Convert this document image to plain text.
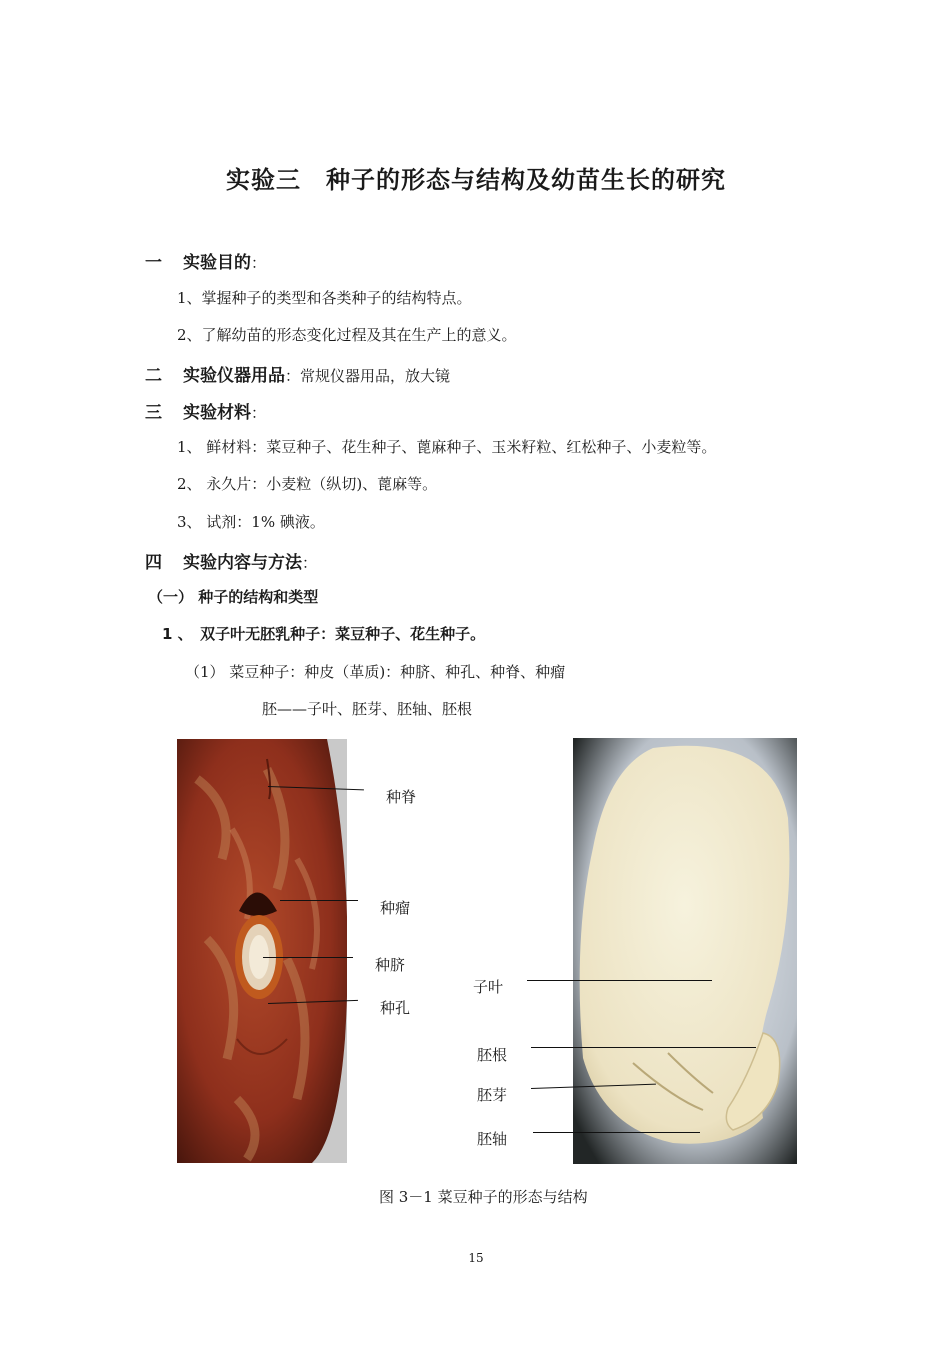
实验三　种子的形态与结构及幼苗生长的研究
一 实验目的：
1、掌握种子的类型和各类种子的结构特点。
2、了解幼苗的形态变化过程及其在生产上的意义。
二 实验仪器用品：常规仪器用品，放大镜
三 实验材料：
1、 鲜材料：菜豆种子、花生种子、蓖麻种子、玉米籽粒、红松种子、小麦粒等。
2、 永久片：小麦粒（纵切)、蓖麻等。
3、 试剂：1% 碘液。
四 实验内容与方法：
（一） 种子的结构和类型
1 、　双子叶无胚乳种子：菜豆种子、花生种子。
（1） 菜豆种子：种皮（革质)：种脐、种孔、种脊、种瘤
胚——子叶、胚芽、胚轴、胚根
种脊
种瘤
种脐
种孔
子叶
胚根
胚芽
胚轴
图 3－1 菜豆种子的形态与结构
15
